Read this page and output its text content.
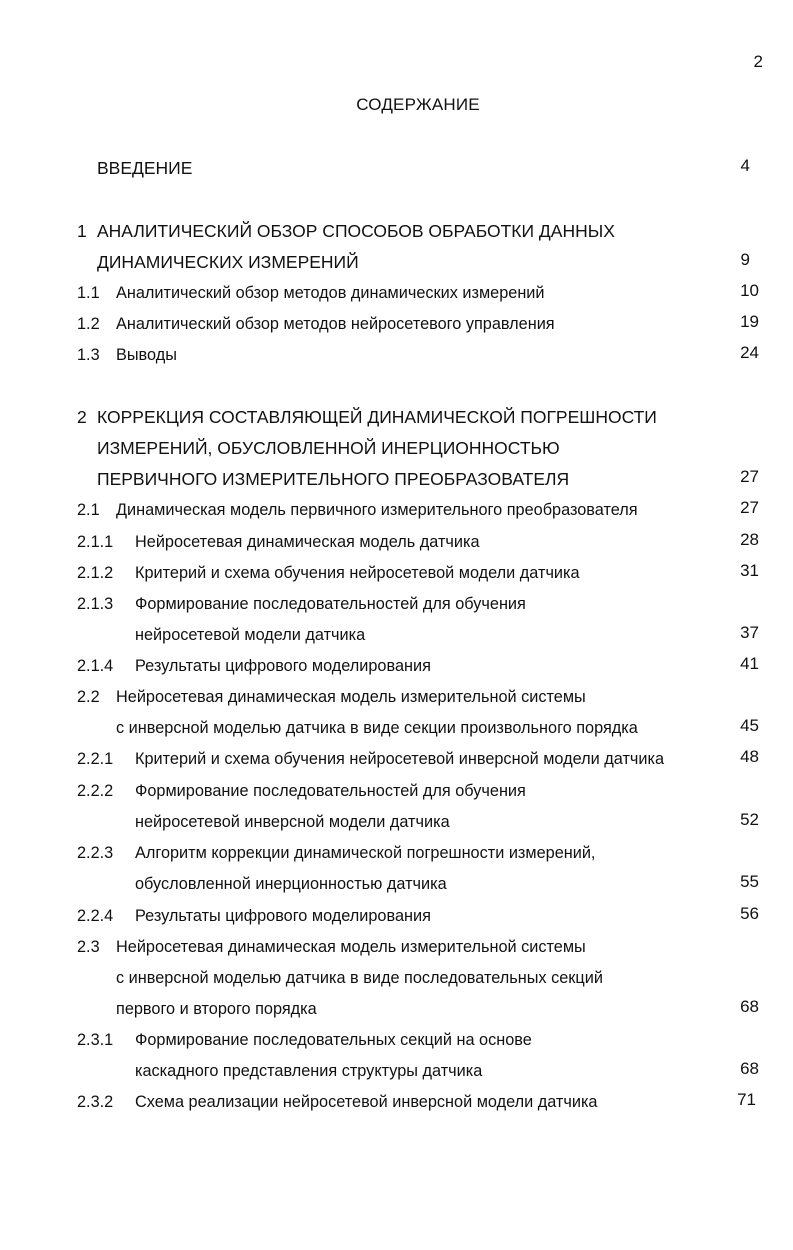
2
СОДЕРЖАНИЕ
ВВЕДЕНИЕ	4
1 АНАЛИТИЧЕСКИЙ ОБЗОР СПОСОБОВ ОБРАБОТКИ ДАННЫХ
ДИНАМИЧЕСКИХ ИЗМЕРЕНИЙ	9
1.1 Аналитический обзор методов динамических измерений	10
1.2 Аналитический обзор методов нейросетевого управления	19
1.3 Выводы	24
2 КОРРЕКЦИЯ СОСТАВЛЯЮЩЕЙ ДИНАМИЧЕСКОЙ ПОГРЕШНОСТИ
ИЗМЕРЕНИЙ, ОБУСЛОВЛЕННОЙ ИНЕРЦИОННОСТЬЮ
ПЕРВИЧНОГО ИЗМЕРИТЕЛЬНОГО ПРЕОБРАЗОВАТЕЛЯ	27
2.1 Динамическая модель первичного измерительного преобразователя	27
2.1.1 Нейросетевая динамическая модель датчика	28
2.1.2 Критерий и схема обучения нейросетевой модели датчика	31
2.1.3 Формирование последовательностей для обучения
нейросетевой модели датчика	37
2.1.4 Результаты цифрового моделирования	41
2.2 Нейросетевая динамическая модель измерительной системы
с инверсной моделью датчика в виде секции произвольного порядка	45
2.2.1 Критерий и схема обучения нейросетевой инверсной модели датчика	48
2.2.2 Формирование последовательностей для обучения
нейросетевой инверсной модели датчика	52
2.2.3 Алгоритм коррекции динамической погрешности измерений,
обусловленной инерционностью датчика	55
2.2.4 Результаты цифрового моделирования	56
2.3 Нейросетевая динамическая модель измерительной системы
с инверсной моделью датчика в виде последовательных секций
первого и второго порядка	68
2.3.1 Формирование последовательных секций на основе
каскадного представления структуры датчика	68
2.3.2 Схема реализации нейросетевой инверсной модели датчика	71
